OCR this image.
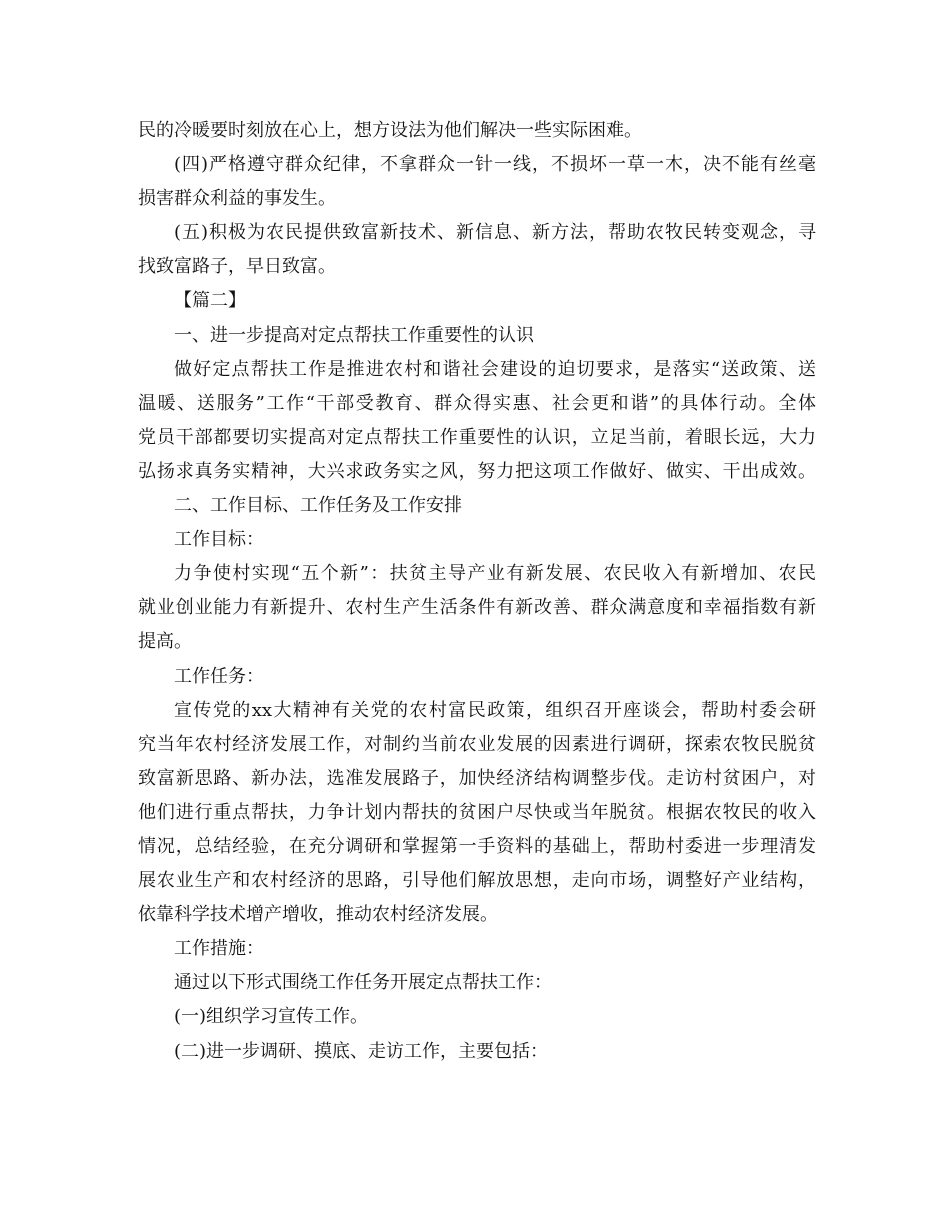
民的冷暖要时刻放在心上，想方设法为他们解决一些实际困难。
(四)严格遵守群众纪律，不拿群众一针一线，不损坏一草一木，决不能有丝毫
损害群众利益的事发生。
(五)积极为农民提供致富新技术、新信息、新方法，帮助农牧民转变观念，寻
找致富路子，早日致富。
【篇二】
一、进一步提高对定点帮扶工作重要性的认识
做好定点帮扶工作是推进农村和谐社会建设的迫切要求，是落实“送政策、送
温暖、送服务”工作“干部受教育、群众得实惠、社会更和谐”的具体行动。全体
党员干部都要切实提高对定点帮扶工作重要性的认识，立足当前，着眼长远，大力
弘扬求真务实精神，大兴求政务实之风，努力把这项工作做好、做实、干出成效。
二、工作目标、工作任务及工作安排
工作目标：
力争使村实现“五个新”：扶贫主导产业有新发展、农民收入有新增加、农民
就业创业能力有新提升、农村生产生活条件有新改善、群众满意度和幸福指数有新
提高。
工作任务：
宣传党的xx大精神有关党的农村富民政策，组织召开座谈会，帮助村委会研
究当年农村经济发展工作，对制约当前农业发展的因素进行调研，探索农牧民脱贫
致富新思路、新办法，选准发展路子，加快经济结构调整步伐。走访村贫困户，对
他们进行重点帮扶，力争计划内帮扶的贫困户尽快或当年脱贫。根据农牧民的收入
情况，总结经验，在充分调研和掌握第一手资料的基础上，帮助村委进一步理清发
展农业生产和农村经济的思路，引导他们解放思想，走向市场，调整好产业结构，
依靠科学技术增产增收，推动农村经济发展。
工作措施：
通过以下形式围绕工作任务开展定点帮扶工作：
(一)组织学习宣传工作。
(二)进一步调研、摸底、走访工作，主要包括：
